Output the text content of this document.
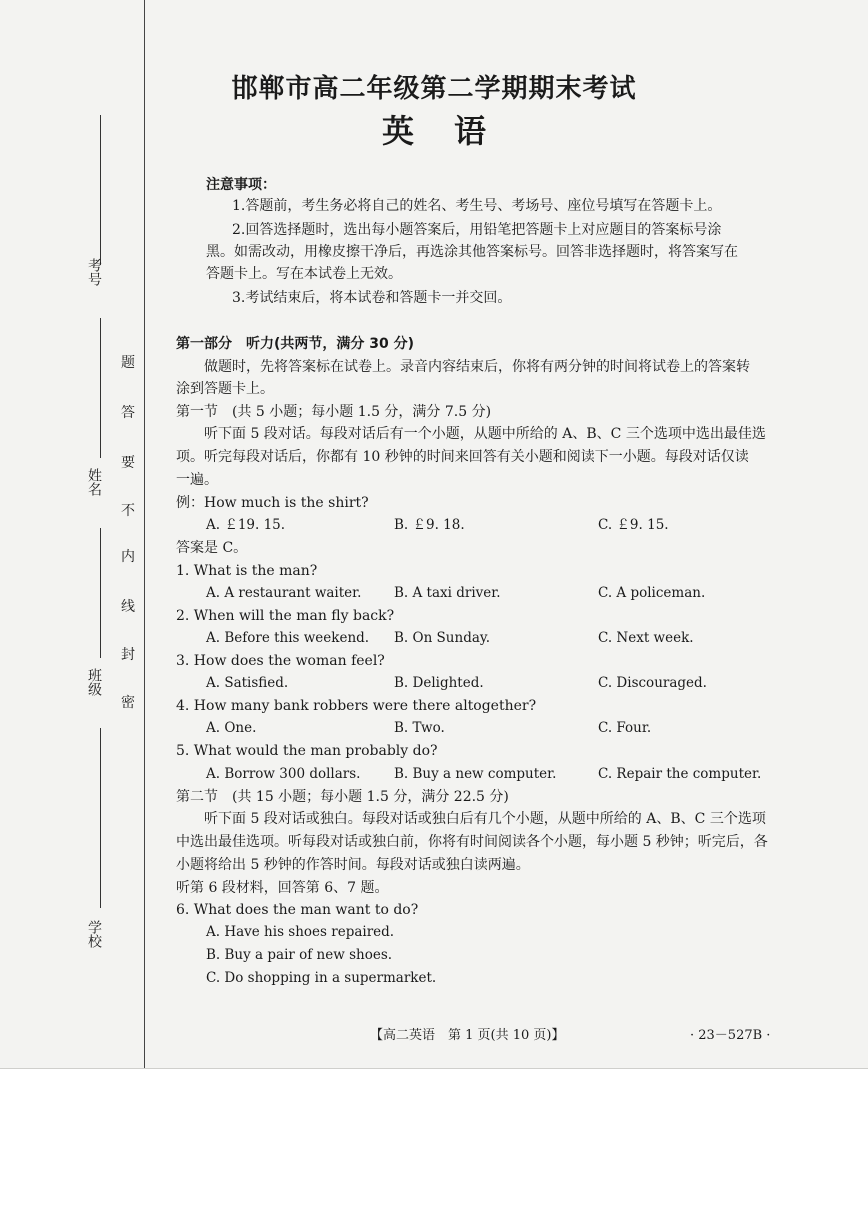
考号
姓名
班级
学校
题
答
要
不
内
线
封
密
邯郸市高二年级第二学期期末考试
英语
注意事项：
1.答题前，考生务必将自己的姓名、考生号、考场号、座位号填写在答题卡上。
2.回答选择题时，选出每小题答案后，用铅笔把答题卡上对应题目的答案标号涂
黑。如需改动，用橡皮擦干净后，再选涂其他答案标号。回答非选择题时，将答案写在
答题卡上。写在本试卷上无效。
3.考试结束后，将本试卷和答题卡一并交回。
第一部分　听力(共两节，满分 30 分)
做题时，先将答案标在试卷上。录音内容结束后，你将有两分钟的时间将试卷上的答案转
涂到答题卡上。
第一节　(共 5 小题；每小题 1.5 分，满分 7.5 分)
听下面 5 段对话。每段对话后有一个小题，从题中所给的 A、B、C 三个选项中选出最佳选
项。听完每段对话后，你都有 10 秒钟的时间来回答有关小题和阅读下一小题。每段对话仅读
一遍。
例：How much is the shirt?
A. ￡19. 15.	B. ￡9. 18.	C. ￡9. 15.
答案是 C。
1. What is the man?
A. A restaurant waiter. B. A taxi driver.	C. A policeman.
2. When will the man fly back?
A. Before this weekend. B. On Sunday.	C. Next week.
3. How does the woman feel?
A. Satisfied.	B. Delighted.	C. Discouraged.
4. How many bank robbers were there altogether?
A. One.	B. Two.	C. Four.
5. What would the man probably do?
A. Borrow 300 dollars. B. Buy a new computer.	C. Repair the computer.
第二节　(共 15 小题；每小题 1.5 分，满分 22.5 分)
听下面 5 段对话或独白。每段对话或独白后有几个小题，从题中所给的 A、B、C 三个选项
中选出最佳选项。听每段对话或独白前，你将有时间阅读各个小题，每小题 5 秒钟；听完后，各
小题将给出 5 秒钟的作答时间。每段对话或独白读两遍。
听第 6 段材料，回答第 6、7 题。
6. What does the man want to do?
A. Have his shoes repaired.
B. Buy a pair of new shoes.
C. Do shopping in a supermarket.
【高二英语　第 1 页(共 10 页)】	· 23－527B ·
